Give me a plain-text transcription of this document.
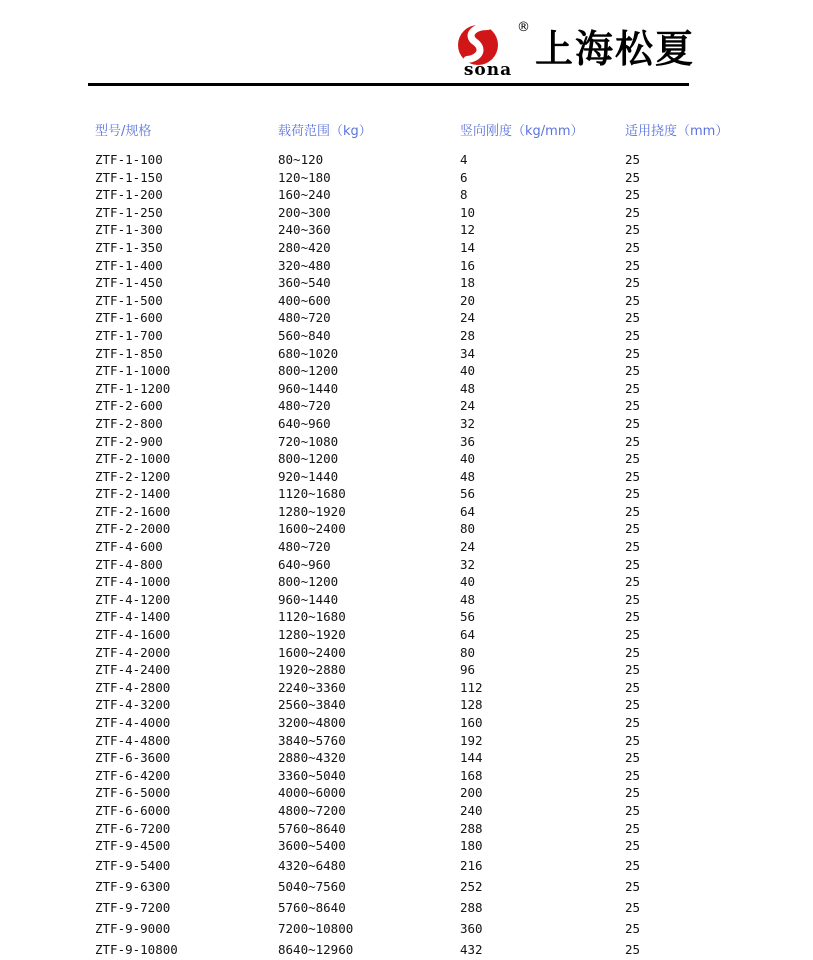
®
sona 上海松夏
型号/规格	载荷范围（kg）	竖向刚度（kg/mm）	适用挠度（mm）
ZTF-1-100	80~120	4	25
ZTF-1-150	120~180	6	25
ZTF-1-200	160~240	8	25
ZTF-1-250	200~300	10	25
ZTF-1-300	240~360	12	25
ZTF-1-350	280~420	14	25
ZTF-1-400	320~480	16	25
ZTF-1-450	360~540	18	25
ZTF-1-500	400~600	20	25
ZTF-1-600	480~720	24	25
ZTF-1-700	560~840	28	25
ZTF-1-850	680~1020	34	25
ZTF-1-1000	800~1200	40	25
ZTF-1-1200	960~1440	48	25
ZTF-2-600	480~720	24	25
ZTF-2-800	640~960	32	25
ZTF-2-900	720~1080	36	25
ZTF-2-1000	800~1200	40	25
ZTF-2-1200	920~1440	48	25
ZTF-2-1400	1120~1680	56	25
ZTF-2-1600	1280~1920	64	25
ZTF-2-2000	1600~2400	80	25
ZTF-4-600	480~720	24	25
ZTF-4-800	640~960	32	25
ZTF-4-1000	800~1200	40	25
ZTF-4-1200	960~1440	48	25
ZTF-4-1400	1120~1680	56	25
ZTF-4-1600	1280~1920	64	25
ZTF-4-2000	1600~2400	80	25
ZTF-4-2400	1920~2880	96	25
ZTF-4-2800	2240~3360	112	25
ZTF-4-3200	2560~3840	128	25
ZTF-4-4000	3200~4800	160	25
ZTF-4-4800	3840~5760	192	25
ZTF-6-3600	2880~4320	144	25
ZTF-6-4200	3360~5040	168	25
ZTF-6-5000	4000~6000	200	25
ZTF-6-6000	4800~7200	240	25
ZTF-6-7200	5760~8640	288	25
ZTF-9-4500	3600~5400	180	25
ZTF-9-5400	4320~6480	216	25
ZTF-9-6300	5040~7560	252	25
ZTF-9-7200	5760~8640	288	25
ZTF-9-9000	7200~10800	360	25
ZTF-9-10800	8640~12960	432	25
